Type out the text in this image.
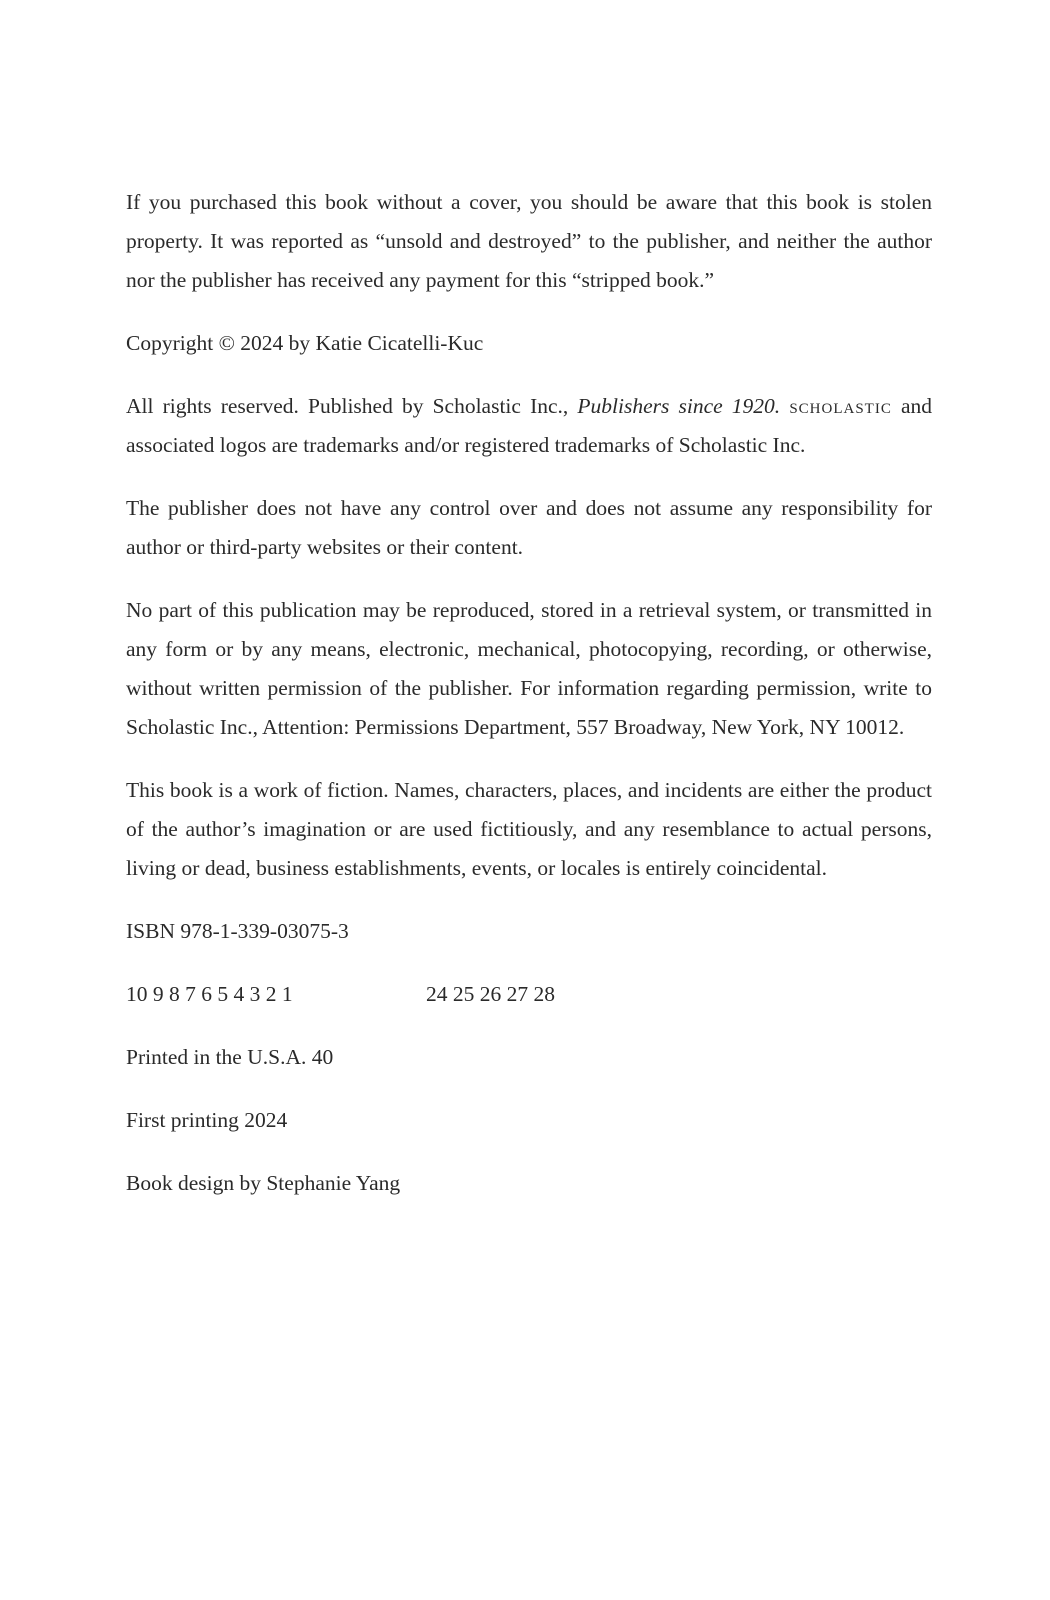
If you purchased this book without a cover, you should be aware that this book is stolen property. It was reported as “unsold and destroyed” to the publisher, and neither the author nor the publisher has received any payment for this “stripped book.”

Copyright © 2024 by Katie Cicatelli-Kuc

All rights reserved. Published by Scholastic Inc., Publishers since 1920. scholastic and associated logos are trademarks and/or registered trademarks of Scholastic Inc.

The publisher does not have any control over and does not assume any responsibility for author or third-party websites or their content.

No part of this publication may be reproduced, stored in a retrieval system, or transmitted in any form or by any means, electronic, mechanical, photocopying, recording, or otherwise, without written permission of the publisher. For information regarding permission, write to Scholastic Inc., Attention: Permissions Department, 557 Broadway, New York, NY 10012.

This book is a work of fiction. Names, characters, places, and incidents are either the product of the author’s imagination or are used fictitiously, and any resemblance to actual persons, living or dead, business establishments, events, or locales is entirely coincidental.

ISBN 978-1-339-03075-3

10 9 8 7 6 5 4 3 2 1	24 25 26 27 28

Printed in the U.S.A. 40

First printing 2024

Book design by Stephanie Yang
